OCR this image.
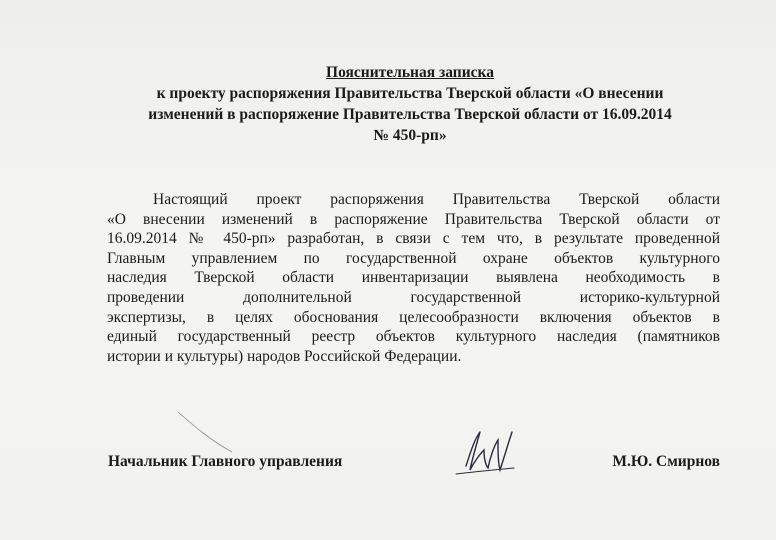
Пояснительная записка
к проекту распоряжения Правительства Тверской области «О внесении
изменений в распоряжение Правительства Тверской области от 16.09.2014
№ 450-рп»
Настоящий проект распоряжения Правительства Тверской области
«О внесении изменений в распоряжение Правительства Тверской области от
16.09.2014 № 450-рп» разработан, в связи с тем что, в результате проведенной
Главным управлением по государственной охране объектов культурного
наследия Тверской области инвентаризации выявлена необходимость в
проведении дополнительной государственной историко-культурной
экспертизы, в целях обоснования целесообразности включения объектов в
единый государственный реестр объектов культурного наследия (памятников
истории и культуры) народов Российской Федерации.
Начальник Главного управления	М.Ю. Смирнов
